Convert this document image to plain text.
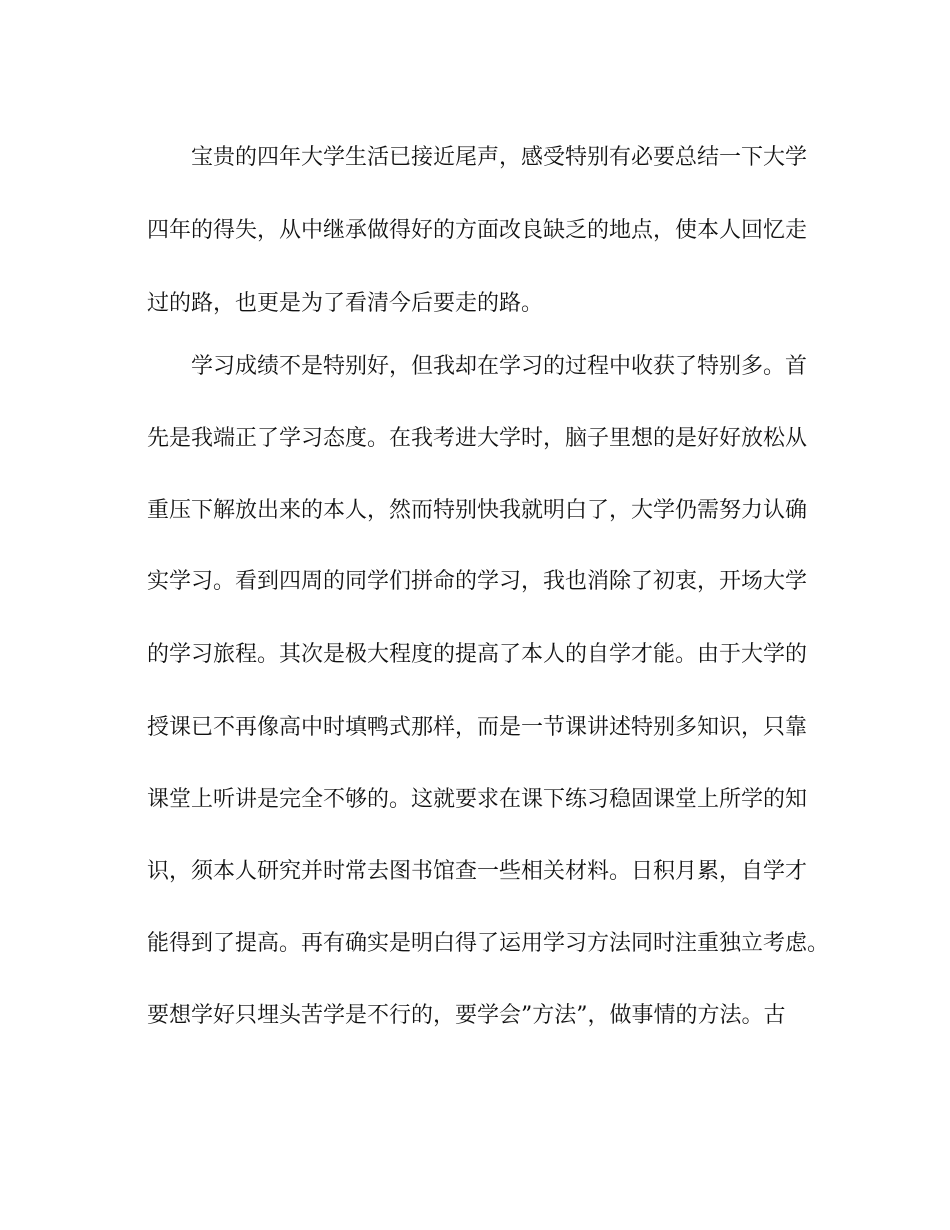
宝贵的四年大学生活已接近尾声，感受特别有必要总结一下大学
四年的得失，从中继承做得好的方面改良缺乏的地点，使本人回忆走
过的路，也更是为了看清今后要走的路。
学习成绩不是特别好，但我却在学习的过程中收获了特别多。首
先是我端正了学习态度。在我考进大学时，脑子里想的是好好放松从
重压下解放出来的本人，然而特别快我就明白了，大学仍需努力认确
实学习。看到四周的同学们拼命的学习，我也消除了初衷，开场大学
的学习旅程。其次是极大程度的提高了本人的自学才能。由于大学的
授课已不再像高中时填鸭式那样，而是一节课讲述特别多知识，只靠
课堂上听讲是完全不够的。这就要求在课下练习稳固课堂上所学的知
识，须本人研究并时常去图书馆查一些相关材料。日积月累，自学才
能得到了提高。再有确实是明白得了运用学习方法同时注重独立考虑。
要想学好只埋头苦学是不行的，要学会”方法”，做事情的方法。古
